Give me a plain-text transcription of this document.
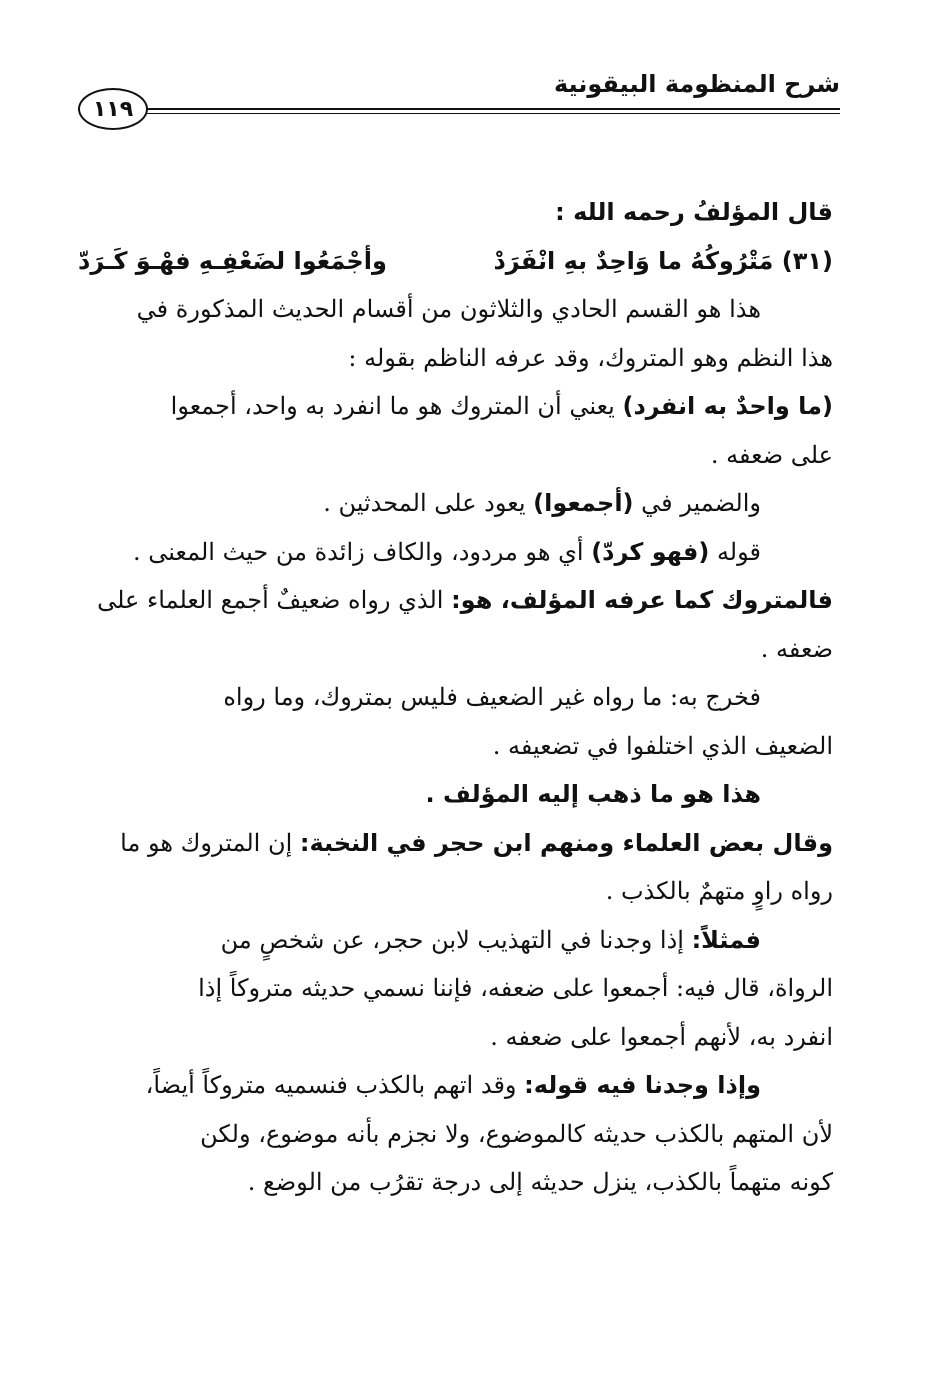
شرح المنظومة البيقونية
١١٩
قال المؤلفُ رحمه الله :
(٣١) مَتْرُوكُهُ ما وَاحِدٌ بهِ انْفَرَدْ
وأجْمَعُوا لضَعْفِـهِ فهْـوَ كَـرَدّ
هذا هو القسم الحادي والثلاثون من أقسام الحديث المذكورة في
هذا النظم وهو المتروك، وقد عرفه الناظم بقوله :
(ما واحدٌ به انفرد) يعني أن المتروك هو ما انفرد به واحد، أجمعوا
على ضعفه .
والضمير في (أجمعوا) يعود على المحدثين .
قوله (فهو كردّ) أي هو مردود، والكاف زائدة من حيث المعنى .
فالمتروك كما عرفه المؤلف، هو: الذي رواه ضعيفٌ أجمع العلماء على
ضعفه .
فخرج به: ما رواه غير الضعيف فليس بمتروك، وما رواه
الضعيف الذي اختلفوا في تضعيفه .
هذا هو ما ذهب إليه المؤلف .
وقال بعض العلماء ومنهم ابن حجر في النخبة: إن المتروك هو ما
رواه راوٍ متهمٌ بالكذب .
فمثلاً: إذا وجدنا في التهذيب لابن حجر، عن شخصٍ من
الرواة، قال فيه: أجمعوا على ضعفه، فإننا نسمي حديثه متروكاً إذا
انفرد به، لأنهم أجمعوا على ضعفه .
وإذا وجدنا فيه قوله: وقد اتهم بالكذب فنسميه متروكاً أيضاً،
لأن المتهم بالكذب حديثه كالموضوع، ولا نجزم بأنه موضوع، ولكن
كونه متهماً بالكذب، ينزل حديثه إلى درجة تقرُب من الوضع .
